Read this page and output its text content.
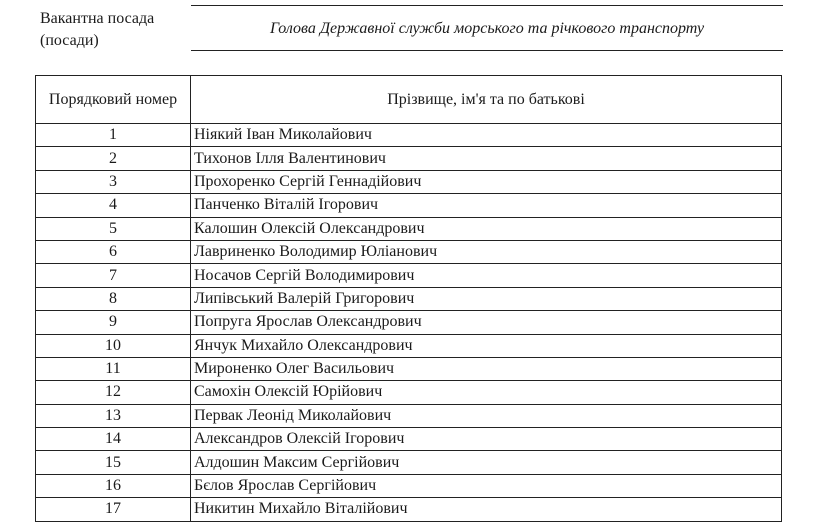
Вакантна посада
(посади)
Голова Державної служби морського та річкового транспорту
Порядковий номер	Прізвище, ім'я та по батькові
1	Ніякий Іван Миколайович
2	Тихонов Ілля Валентинович
3	Прохоренко Сергій Геннадійович
4	Панченко Віталій Ігорович
5	Калошин Олексій Олександрович
6	Лавриненко Володимир Юліанович
7	Носачов Сергій Володимирович
8	Липівський Валерій Григорович
9	Попруга Ярослав Олександрович
10	Янчук Михайло Олександрович
11	Мироненко Олег Васильович
12	Самохін Олексій Юрійович
13	Первак Леонід Миколайович
14	Александров Олексій Ігорович
15	Алдошин Максим Сергійович
16	Бєлов Ярослав Сергійович
17	Никитин Михайло Віталійович
